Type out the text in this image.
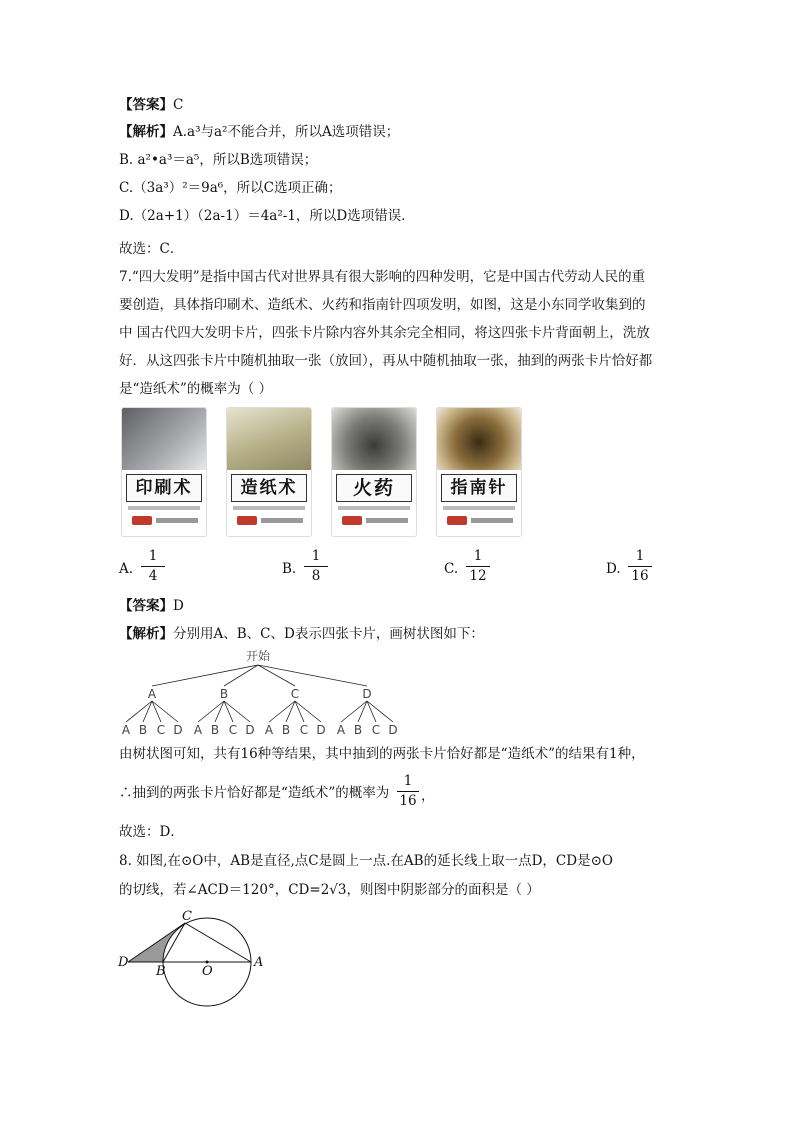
【答案】C
【解析】A.a³与a²不能合并，所以A选项错误；
B. a²•a³＝a⁵，所以B选项错误；
C.（3a³）²＝9a⁶，所以C选项正确；
D.（2a+1）（2a-1）＝4a²-1，所以D选项错误．
故选：C．
7.“四大发明”是指中国古代对世界具有很大影响的四种发明，它是中国古代劳动人民的重
要创造，具体指印刷术、造纸术、火药和指南针四项发明，如图，这是小东同学收集到的
中 国古代四大发明卡片，四张卡片除内容外其余完全相同，将这四张卡片背面朝上，洗放
好．从这四张卡片中随机抽取一张（放回），再从中随机抽取一张，抽到的两张卡片恰好都
是“造纸术”的概率为（ ）
印刷术	造纸术	火药	指南针
A.
1
4	B.
1
8	C.
1
12	D.
1
16
【答案】D
【解析】分别用A、B、C、D表示四张卡片，画树状图如下：
开始
A
A B C D
B
A B C D
C
A B C D
D
A B C D
由树状图可知，共有16种等结果，其中抽到的两张卡片恰好都是“造纸术”的结果有1种，
∴抽到的两张卡片恰好都是“造纸术”的概率为
1
16 ，
故选：D．
8. 如图,在⊙O中，AB是直径,点C是圆上一点.在AB的延长线上取一点D，CD是⊙O
的切线，若∠ACD＝120°，CD=2√3，则图中阴影部分的面积是（ ）
C
D
B	O
A
